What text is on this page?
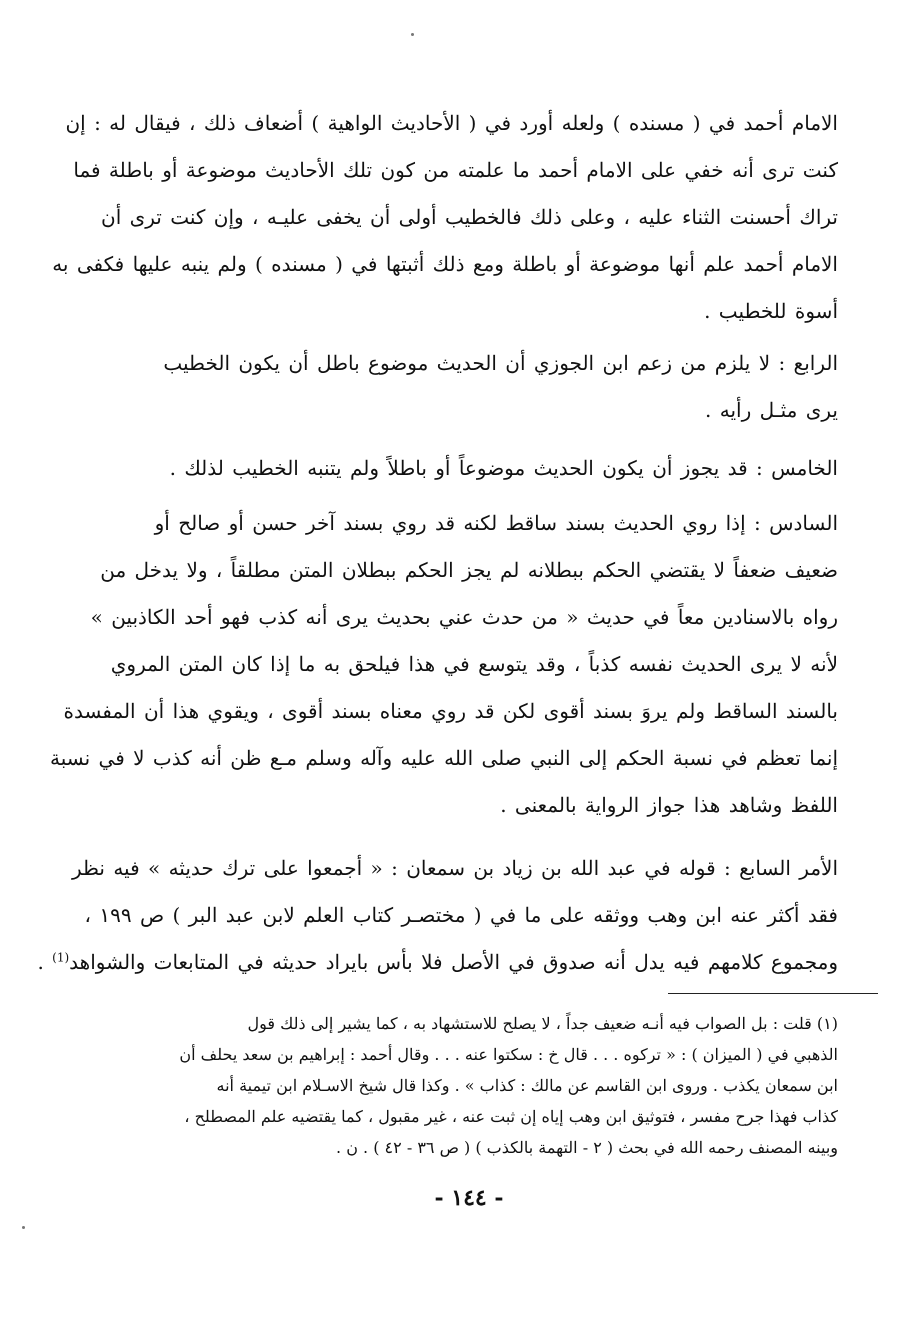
الامام أحمد في ( مسنده ) ولعله أورد في ( الأحاديث الواهية ) أضعاف ذلك ، فيقال له : إن
كنت ترى أنه خفي على الامام أحمد ما علمته من كون تلك الأحاديث موضوعة أو باطلة فما
تراك أحسنت الثناء عليه ، وعلى ذلك فالخطيب أولى أن يخفى عليـه ، وإن كنت ترى أن
الامام أحمد علم أنها موضوعة أو باطلة ومع ذلك أثبتها في ( مسنده ) ولم ينبه عليها فكفى به
أسوة للخطيب .
الرابع : لا يلزم من زعم ابن الجوزي أن الحديث موضوع باطل أن يكون الخطيب
يرى مثـل رأيه .
الخامس : قد يجوز أن يكون الحديث موضوعاً أو باطلاً ولم يتنبه الخطيب لذلك .
السادس : إذا روي الحديث بسند ساقط لكنه قد روي بسند آخر حسن أو صالح أو
ضعيف ضعفاً لا يقتضي الحكم ببطلانه لم يجز الحكم ببطلان المتن مطلقاً ، ولا يدخل من
رواه بالاسنادين معاً في حديث « من حدث عني بحديث يرى أنه كذب فهو أحد الكاذبين »
لأنه لا يرى الحديث نفسه كذباً ، وقد يتوسع في هذا فيلحق به ما إذا كان المتن المروي
بالسند الساقط ولم يروَ بسند أقوى لكن قد روي معناه بسند أقوى ، ويقوي هذا أن المفسدة
إنما تعظم في نسبة الحكم إلى النبي صلى الله عليه وآله وسلم مـع ظن أنه كذب لا في نسبة
اللفظ وشاهد هذا جواز الرواية بالمعنى .
الأمر السابع : قوله في عبد الله بن زياد بن سمعان : « أجمعوا على ترك حديثه » فيه نظر
فقد أكثر عنه ابن وهب ووثقه على ما في ( مختصـر كتاب العلم لابن عبد البر ) ص ١٩٩ ،
ومجموع كلامهم فيه يدل أنه صدوق في الأصل فلا بأس بايراد حديثه في المتابعات والشواهد$^{(1)}$ .
(١) قلت : بل الصواب فيه أنـه ضعيف جداً ، لا يصلح للاستشهاد به ، كما يشير إلى ذلك قول
الذهبي في ( الميزان ) : « تركوه . . . قال خ : سكتوا عنه . . . وقال أحمد : إبراهيم بن سعد يحلف أن
ابن سمعان يكذب . وروى ابن القاسم عن مالك : كذاب » . وكذا قال شيخ الاسـلام ابن تيمية أنه
كذاب فهذا جرح مفسر ، فتوثيق ابن وهب إياه إن ثبت عنه ، غير مقبول ، كما يقتضيه علم المصطلح ،
وبينه المصنف رحمه الله في بحث ( ٢ - التهمة بالكذب ) ( ص ٣٦ - ٤٢ ) . ن .
- ١٤٤ -
